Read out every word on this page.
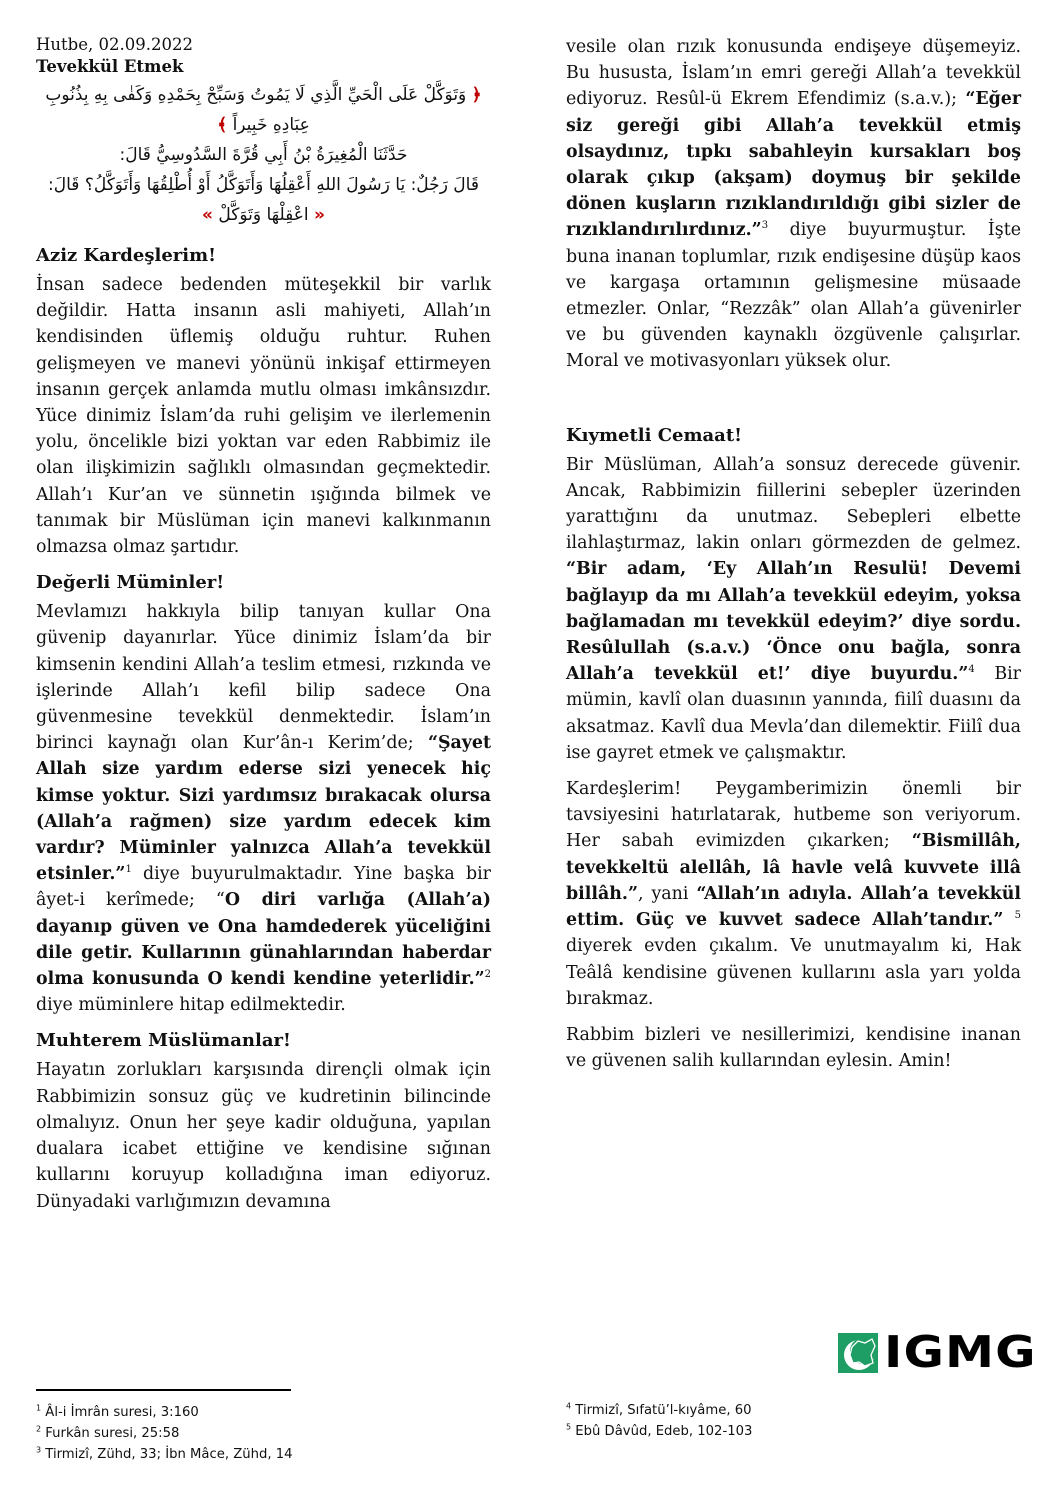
Hutbe, 02.09.2022
Tevekkül Etmek
﴿ وَتَوَكَّلْ عَلَى الْحَيِّ الَّذِي لَا يَمُوتُ وَسَبِّحْ بِحَمْدِهِ وَكَفٰى بِهِ بِذُنُوبِ عِبَادِهِ خَبِيراً ﴾
حَدَّثَنَا الْمُغِيرَةُ بْنُ أَبِي قُرَّةَ السَّدُوسِيُّ قَالَ:
قَالَ رَجُلٌ: يَا رَسُولَ اللهِ أَعْقِلُهَا وَأَتَوَكَّلُ أَوْ أُطْلِقُهَا وَأَتَوَكَّلُ؟ قَالَ:
« اعْقِلْهَا وَتَوَكَّلْ »
Aziz Kardeşlerim!

İnsan sadece bedenden müteşekkil bir varlık değildir. Hatta insanın asli mahiyeti, Allah’ın kendisinden üflemiş olduğu ruhtur. Ruhen gelişmeyen ve manevi yönünü inkişaf ettirmeyen insanın gerçek anlamda mutlu olması imkânsızdır. Yüce dinimiz İslam’da ruhi gelişim ve ilerlemenin yolu, öncelikle bizi yoktan var eden Rabbimiz ile olan ilişkimizin sağlıklı olmasından geçmektedir. Allah’ı Kur’an ve sünnetin ışığında bilmek ve tanımak bir Müslüman için manevi kalkınmanın olmazsa olmaz şartıdır.

Değerli Müminler!

Mevlamızı hakkıyla bilip tanıyan kullar Ona güvenip dayanırlar. Yüce dinimiz İslam’da bir kimsenin kendini Allah’a teslim etmesi, rızkında ve işlerinde Allah’ı kefil bilip sadece Ona güvenmesine tevekkül denmektedir. İslam’ın birinci kaynağı olan Kur’ân-ı Kerim’de; “Şayet Allah size yardım ederse sizi yenecek hiç kimse yoktur. Sizi yardımsız bırakacak olursa (Allah’a rağmen) size yardım edecek kim vardır? Müminler yalnızca Allah’a tevekkül etsinler.”$^1$ diye buyurulmaktadır. Yine başka bir âyet-i kerîmede; “O diri varlığa (Allah’a) dayanıp güven ve Ona hamdederek yüceliğini dile getir. Kullarının günahlarından haberdar olma konusunda O kendi kendine yeterlidir.”$^2$ diye müminlere hitap edilmektedir.

Muhterem Müslümanlar!

Hayatın zorlukları karşısında dirençli olmak için Rabbimizin sonsuz güç ve kudretinin bilincinde olmalıyız. Onun her şeye kadir olduğuna, yapılan dualara icabet ettiğine ve kendisine sığınan kullarını koruyup kolladığına iman ediyoruz. Dünyadaki varlığımızın devamına

vesile olan rızık konusunda endişeye düşemeyiz. Bu hususta, İslam’ın emri gereği Allah’a tevekkül ediyoruz. Resûl-ü Ekrem Efendimiz (s.a.v.); “Eğer siz gereği gibi Allah’a tevekkül etmiş olsaydınız, tıpkı sabahleyin kursakları boş olarak çıkıp (akşam) doymuş bir şekilde dönen kuşların rızıklandırıldığı gibi sizler de rızıklandırılırdınız.”$^3$ diye buyurmuştur. İşte buna inanan toplumlar, rızık endişesine düşüp kaos ve kargaşa ortamının gelişmesine müsaade etmezler. Onlar, “Rezzâk” olan Allah’a güvenirler ve bu güvenden kaynaklı özgüvenle çalışırlar. Moral ve motivasyonları yüksek olur.

Kıymetli Cemaat!

Bir Müslüman, Allah’a sonsuz derecede güvenir. Ancak, Rabbimizin fiillerini sebepler üzerinden yarattığını da unutmaz. Sebepleri elbette ilahlaştırmaz, lakin onları görmezden de gelmez. “Bir adam, ‘Ey Allah’ın Resulü! Devemi bağlayıp da mı Allah’a tevekkül edeyim, yoksa bağlamadan mı tevekkül edeyim?’ diye sordu. Resûlullah (s.a.v.) ‘Önce onu bağla, sonra Allah’a tevekkül et!’ diye buyurdu.”$^4$ Bir mümin, kavlî olan duasının yanında, fiilî duasını da aksatmaz. Kavlî dua Mevla’dan dilemektir. Fiilî dua ise gayret etmek ve çalışmaktır.

Kardeşlerim! Peygamberimizin önemli bir tavsiyesini hatırlatarak, hutbeme son veriyorum. Her sabah evimizden çıkarken; “Bismillâh, tevekkeltü alellâh, lâ havle velâ kuvvete illâ billâh.”, yani “Allah’ın adıyla. Allah’a tevekkül ettim. Güç ve kuvvet sadece Allah’tandır.” $^5$ diyerek evden çıkalım. Ve unutmayalım ki, Hak Teâlâ kendisine güvenen kullarını asla yarı yolda bırakmaz.

Rabbim bizleri ve nesillerimizi, kendisine inanan ve güvenen salih kullarından eylesin. Amin!

IGMG
$^1$ Âl-i İmrân suresi, 3:160
$^2$ Furkân suresi, 25:58
$^3$ Tirmizî, Zühd, 33; İbn Mâce, Zühd, 14
$^4$ Tirmizî, Sıfatü’l-kıyâme, 60
$^5$ Ebû Dâvûd, Edeb, 102-103
